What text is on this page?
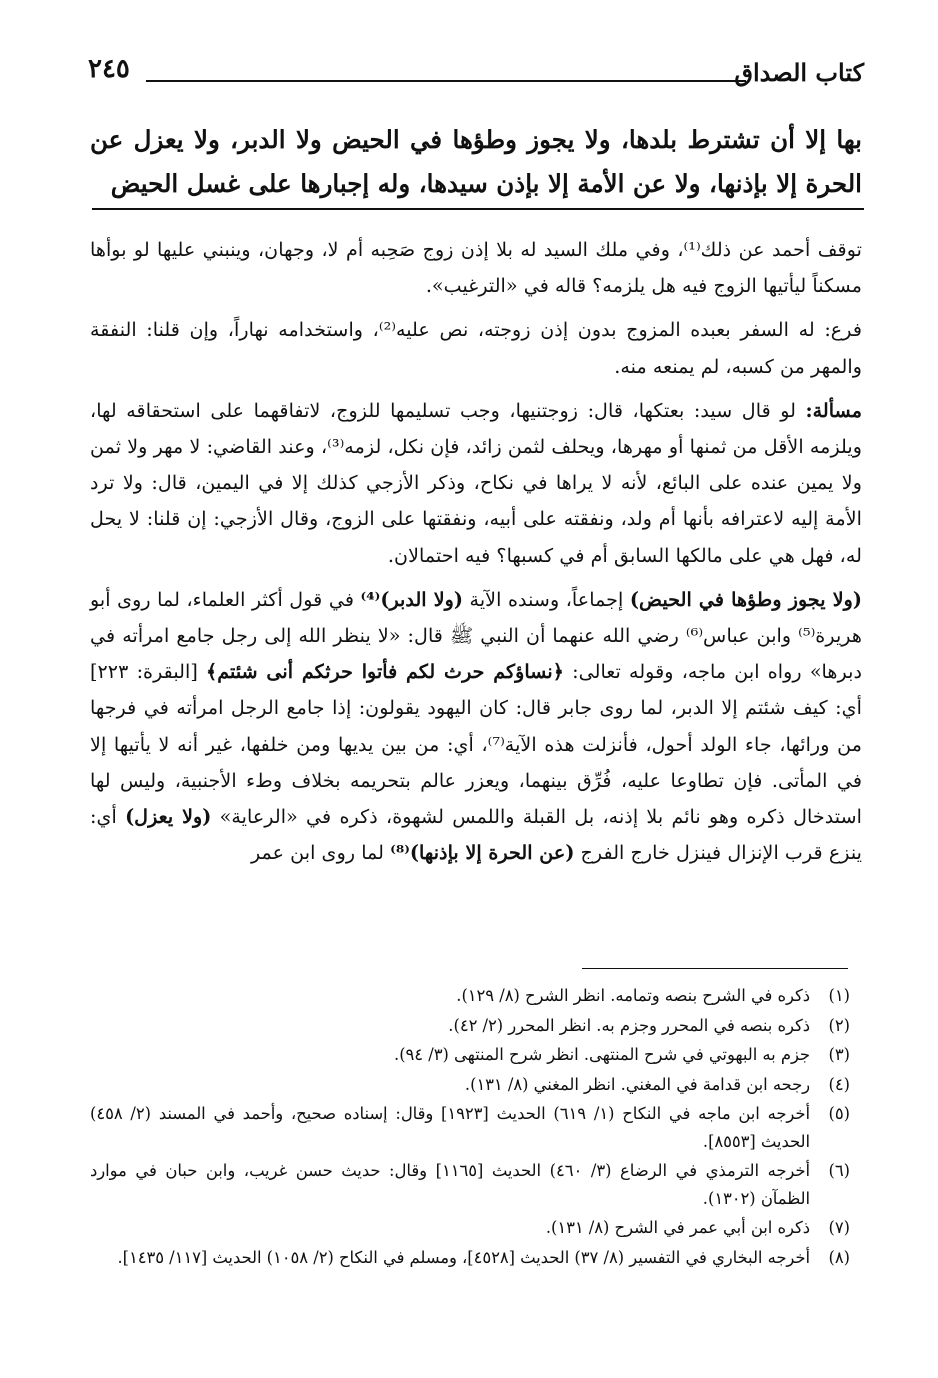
كتاب الصداق
٢٤٥
بها إلا أن تشترط بلدها، ولا يجوز وطؤها في الحيض ولا الدبر، ولا يعزل عن الحرة إلا بإذنها، ولا عن الأمة إلا بإذن سيدها، وله إجبارها على غسل الحيض

توقف أحمد عن ذلك⁽¹⁾، وفي ملك السيد له بلا إذن زوج صَحِبه أم لا، وجهان، وينبني عليها لو بوأها مسكناً ليأتيها الزوج فيه هل يلزمه؟ قاله في «الترغيب».

فرع: له السفر بعبده المزوج بدون إذن زوجته، نص عليه⁽²⁾، واستخدامه نهاراً، وإن قلنا: النفقة والمهر من كسبه، لم يمنعه منه.

مسألة: لو قال سيد: بعتكها، قال: زوجتنيها، وجب تسليمها للزوج، لاتفاقهما على استحقاقه لها، ويلزمه الأقل من ثمنها أو مهرها، ويحلف لثمن زائد، فإن نكل، لزمه⁽³⁾، وعند القاضي: لا مهر ولا ثمن ولا يمين عنده على البائع، لأنه لا يراها في نكاح، وذكر الأزجي كذلك إلا في اليمين، قال: ولا ترد الأمة إليه لاعترافه بأنها أم ولد، ونفقته على أبيه، ونفقتها على الزوج، وقال الأزجي: إن قلنا: لا يحل له، فهل هي على مالكها السابق أم في كسبها؟ فيه احتمالان.

(ولا يجوز وطؤها في الحيض) إجماعاً، وسنده الآية (ولا الدبر)⁽⁴⁾ في قول أكثر العلماء، لما روى أبو هريرة⁽⁵⁾ وابن عباس⁽⁶⁾ رضي الله عنهما أن النبي ﷺ قال: «لا ينظر الله إلى رجل جامع امرأته في دبرها» رواه ابن ماجه، وقوله تعالى: ﴿نساؤكم حرث لكم فأتوا حرثكم أنى شئتم﴾ [البقرة: ٢٢٣] أي: كيف شئتم إلا الدبر، لما روى جابر قال: كان اليهود يقولون: إذا جامع الرجل امرأته في فرجها من ورائها، جاء الولد أحول، فأنزلت هذه الآية⁽⁷⁾، أي: من بين يديها ومن خلفها، غير أنه لا يأتيها إلا في المأتى. فإن تطاوعا عليه، فُرِّق بينهما، ويعزر عالم بتحريمه بخلاف وطء الأجنبية، وليس لها استدخال ذكره وهو نائم بلا إذنه، بل القبلة واللمس لشهوة، ذكره في «الرعاية» (ولا يعزل) أي: ينزع قرب الإنزال فينزل خارج الفرج (عن الحرة إلا بإذنها)⁽⁸⁾ لما روى ابن عمر

(١)
ذكره في الشرح بنصه وتمامه. انظر الشرح (٨/ ١٢٩).
(٢)
ذكره بنصه في المحرر وجزم به. انظر المحرر (٢/ ٤٢).
(٣)
جزم به البهوتي في شرح المنتهى. انظر شرح المنتهى (٣/ ٩٤).
(٤)
رجحه ابن قدامة في المغني. انظر المغني (٨/ ١٣١).
(٥)
أخرجه ابن ماجه في النكاح (١/ ٦١٩) الحديث [١٩٢٣] وقال: إسناده صحيح، وأحمد في المسند (٢/ ٤٥٨) الحديث [٨٥٥٣].
(٦)
أخرجه الترمذي في الرضاع (٣/ ٤٦٠) الحديث [١١٦٥] وقال: حديث حسن غريب، وابن حبان في موارد الظمآن (١٣٠٢).
(٧)
ذكره ابن أبي عمر في الشرح (٨/ ١٣١).
(٨)
أخرجه البخاري في التفسير (٨/ ٣٧) الحديث [٤٥٢٨]، ومسلم في النكاح (٢/ ١٠٥٨) الحديث [١١٧/ ١٤٣٥].
